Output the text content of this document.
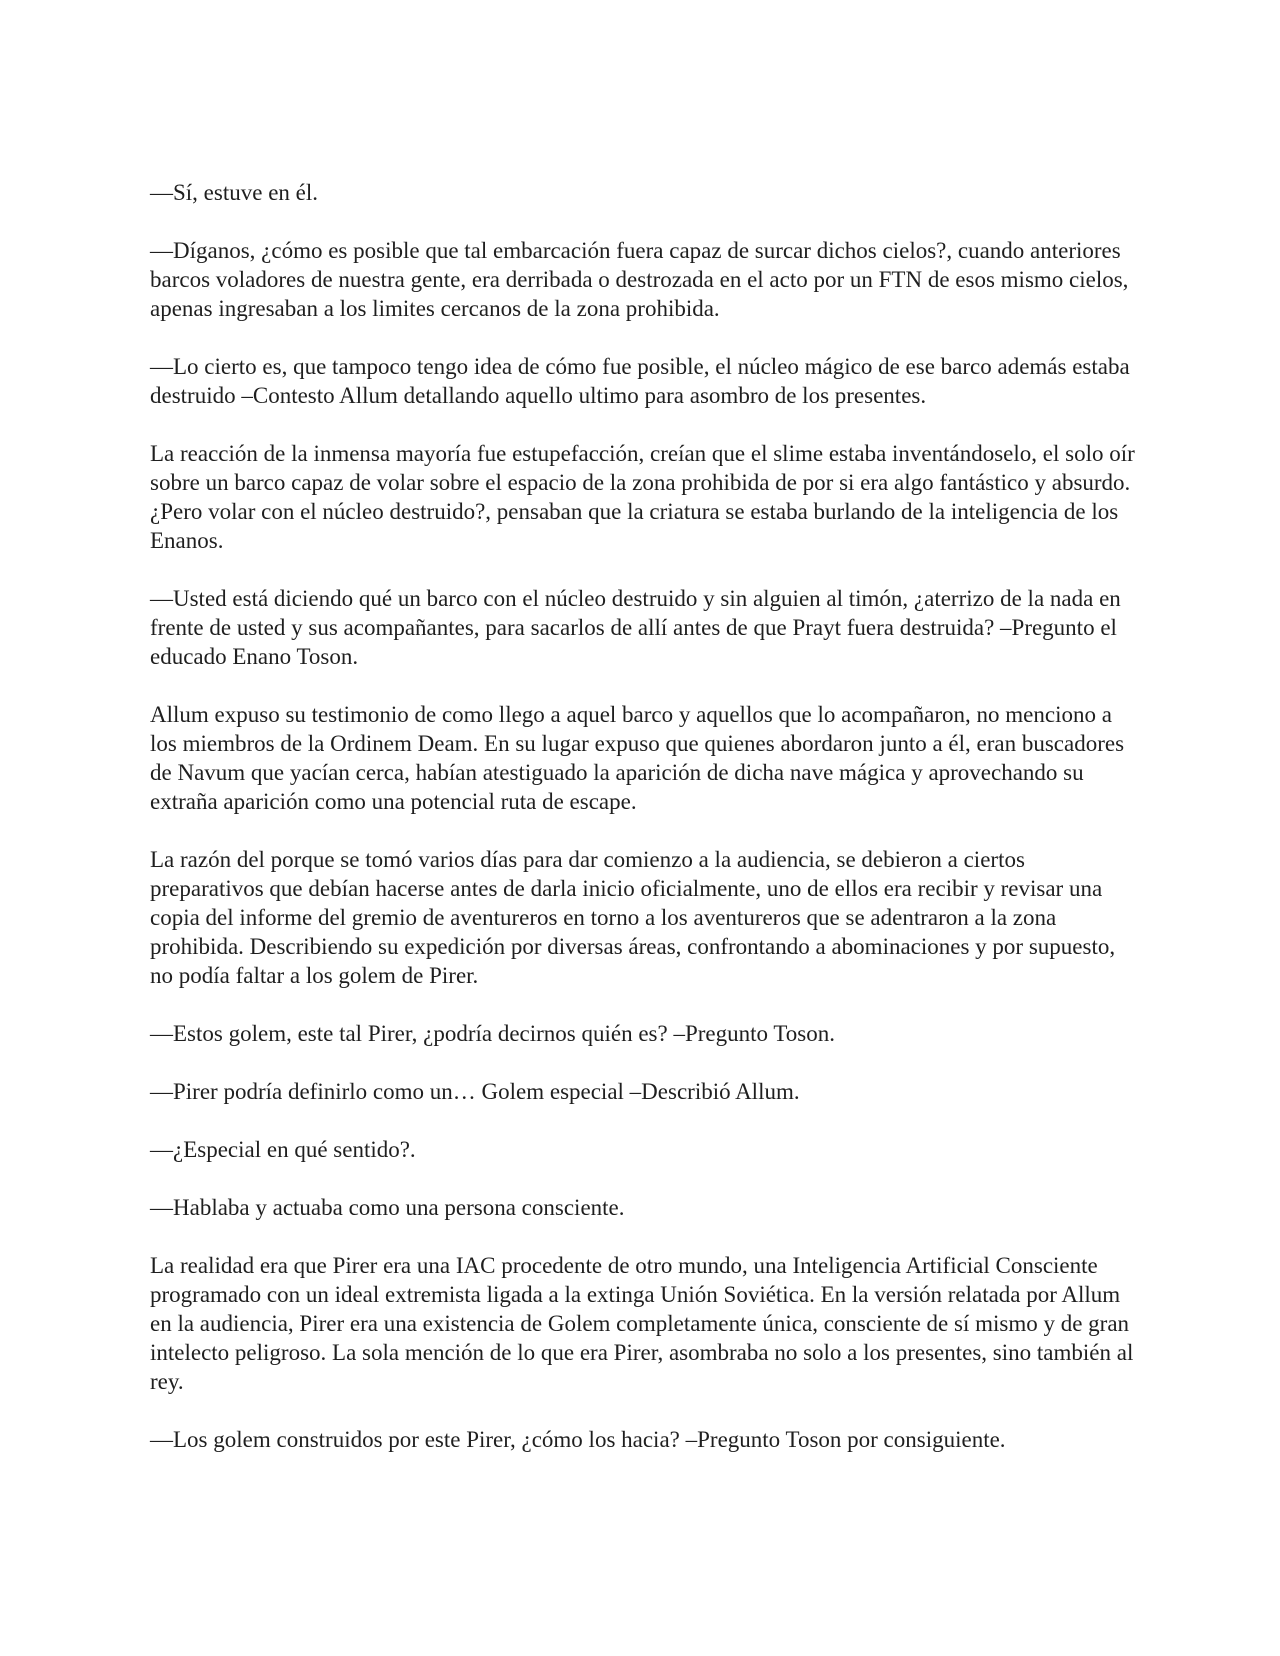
—Sí, estuve en él.

—Díganos, ¿cómo es posible que tal embarcación fuera capaz de surcar dichos cielos?, cuando anteriores barcos voladores de nuestra gente, era derribada o destrozada en el acto por un FTN de esos mismo cielos, apenas ingresaban a los limites cercanos de la zona prohibida.

—Lo cierto es, que tampoco tengo idea de cómo fue posible, el núcleo mágico de ese barco además estaba destruido –Contesto Allum detallando aquello ultimo para asombro de los presentes.

La reacción de la inmensa mayoría fue estupefacción, creían que el slime estaba inventándoselo, el solo oír sobre un barco capaz de volar sobre el espacio de la zona prohibida de por si era algo fantástico y absurdo. ¿Pero volar con el núcleo destruido?, pensaban que la criatura se estaba burlando de la inteligencia de los Enanos.

—Usted está diciendo qué un barco con el núcleo destruido y sin alguien al timón, ¿aterrizo de la nada en frente de usted y sus acompañantes, para sacarlos de allí antes de que Prayt fuera destruida? –Pregunto el educado Enano Toson.

Allum expuso su testimonio de como llego a aquel barco y aquellos que lo acompañaron, no menciono a los miembros de la Ordinem Deam. En su lugar expuso que quienes abordaron junto a él, eran buscadores de Navum que yacían cerca, habían atestiguado la aparición de dicha nave mágica y aprovechando su extraña aparición como una potencial ruta de escape.

La razón del porque se tomó varios días para dar comienzo a la audiencia, se debieron a ciertos preparativos que debían hacerse antes de darla inicio oficialmente, uno de ellos era recibir y revisar una copia del informe del gremio de aventureros en torno a los aventureros que se adentraron a la zona prohibida. Describiendo su expedición por diversas áreas, confrontando a abominaciones y por supuesto, no podía faltar a los golem de Pirer.

—Estos golem, este tal Pirer, ¿podría decirnos quién es? –Pregunto Toson.

—Pirer podría definirlo como un… Golem especial –Describió Allum.

—¿Especial en qué sentido?.

—Hablaba y actuaba como una persona consciente.

La realidad era que Pirer era una IAC procedente de otro mundo, una Inteligencia Artificial Consciente programado con un ideal extremista ligada a la extinga Unión Soviética. En la versión relatada por Allum en la audiencia, Pirer era una existencia de Golem completamente única, consciente de sí mismo y de gran intelecto peligroso. La sola mención de lo que era Pirer, asombraba no solo a los presentes, sino también al rey.

—Los golem construidos por este Pirer, ¿cómo los hacia? –Pregunto Toson por consiguiente.
